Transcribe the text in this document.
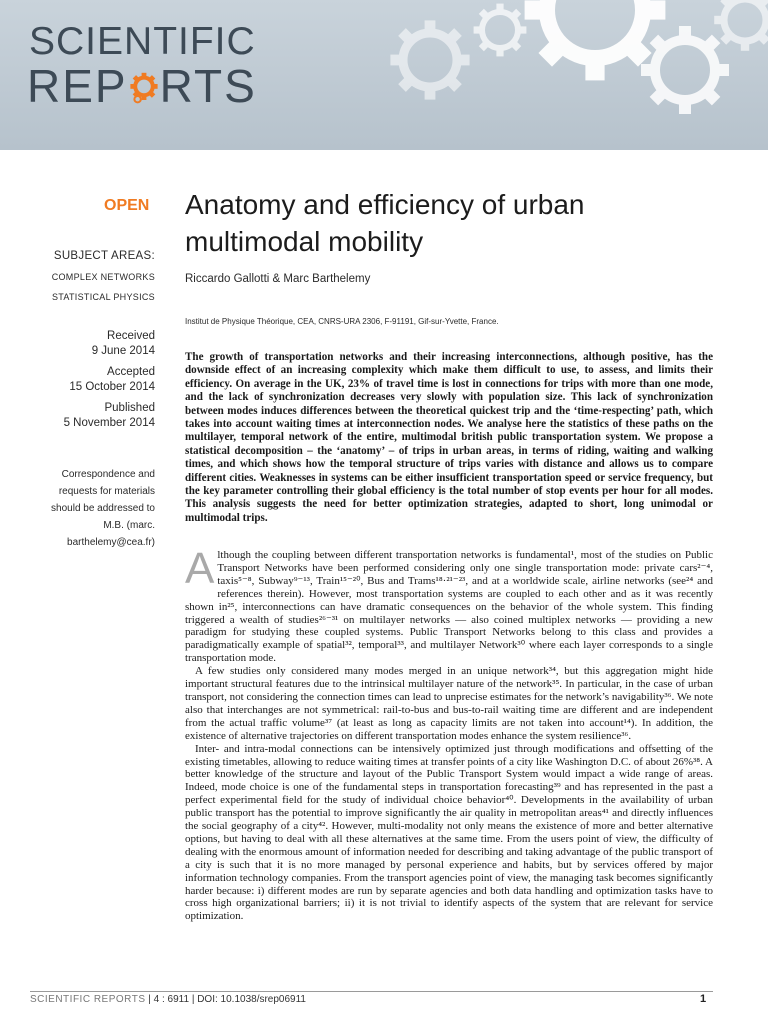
SCIENTIFIC
REP RTS
OPEN
SUBJECT AREAS:
COMPLEX NETWORKS
STATISTICAL PHYSICS
Received
9 June 2014
Accepted
15 October 2014
Published
5 November 2014
Correspondence and
requests for materials
should be addressed to
M.B. (marc.
barthelemy@cea.fr)
Anatomy and efficiency of urban
multimodal mobility
Riccardo Gallotti & Marc Barthelemy
Institut de Physique Théorique, CEA, CNRS-URA 2306, F-91191, Gif-sur-Yvette, France.
The growth of transportation networks and their increasing interconnections, although positive, has the downside effect of an increasing complexity which make them difficult to use, to assess, and limits their efficiency. On average in the UK, 23% of travel time is lost in connections for trips with more than one mode, and the lack of synchronization decreases very slowly with population size. This lack of synchronization between modes induces differences between the theoretical quickest trip and the ‘time-respecting’ path, which takes into account waiting times at interconnection nodes. We analyse here the statistics of these paths on the multilayer, temporal network of the entire, multimodal british public transportation system. We propose a statistical decomposition – the ‘anatomy’ – of trips in urban areas, in terms of riding, waiting and walking times, and which shows how the temporal structure of trips varies with distance and allows us to compare different cities. Weaknesses in systems can be either insufficient transportation speed or service frequency, but the key parameter controlling their global efficiency is the total number of stop events per hour for all modes. This analysis suggests the need for better optimization strategies, adapted to short, long unimodal or multimodal trips.

Although the coupling between different transportation networks is fundamental¹, most of the studies on Public Transport Networks have been performed considering only one single transportation mode: private cars²⁻⁴, taxis⁵⁻⁸, Subway⁹⁻¹³, Train¹⁵⁻²⁰, Bus and Trams¹⁸·²¹⁻²³, and at a worldwide scale, airline networks (see²⁴ and references therein). However, most transportation systems are coupled to each other and as it was recently shown in²⁵, interconnections can have dramatic consequences on the behavior of the whole system. This finding triggered a wealth of studies²⁶⁻³¹ on multilayer networks — also coined multiplex networks — providing a new paradigm for studying these coupled systems. Public Transport Networks belong to this class and provides a paradigmatically example of spatial³², temporal³³, and multilayer Network³⁰ where each layer corresponds to a single transportation mode.

A few studies only considered many modes merged in an unique network³⁴, but this aggregation might hide important structural features due to the intrinsical multilayer nature of the network³⁵. In particular, in the case of urban transport, not considering the connection times can lead to unprecise estimates for the network’s navigability³⁶. We note also that interchanges are not symmetrical: rail-to-bus and bus-to-rail waiting time are different and are independent from the actual traffic volume³⁷ (at least as long as capacity limits are not taken into account¹⁴). In addition, the existence of alternative trajectories on different transportation modes enhance the system resilience³⁶.

Inter- and intra-modal connections can be intensively optimized just through modifications and offsetting of the existing timetables, allowing to reduce waiting times at transfer points of a city like Washington D.C. of about 26%³⁸. A better knowledge of the structure and layout of the Public Transport System would impact a wide range of areas. Indeed, mode choice is one of the fundamental steps in transportation forecasting³⁹ and has represented in the past a perfect experimental field for the study of individual choice behavior⁴⁰. Developments in the availability of urban public transport has the potential to improve significantly the air quality in metropolitan areas⁴¹ and directly influences the social geography of a city⁴². However, multi-modality not only means the existence of more and better alternative options, but having to deal with all these alternatives at the same time. From the users point of view, the difficulty of dealing with the enormous amount of information needed for describing and taking advantage of the public transport of a city is such that it is no more managed by personal experience and habits, but by services offered by major information technology companies. From the transport agencies point of view, the managing task becomes significantly harder because: i) different modes are run by separate agencies and both data handling and optimization tasks have to cross high organizational barriers; ii) it is not trivial to identify aspects of the system that are relevant for service optimization.

SCIENTIFIC REPORTS | 4 : 6911 | DOI: 10.1038/srep06911	1
